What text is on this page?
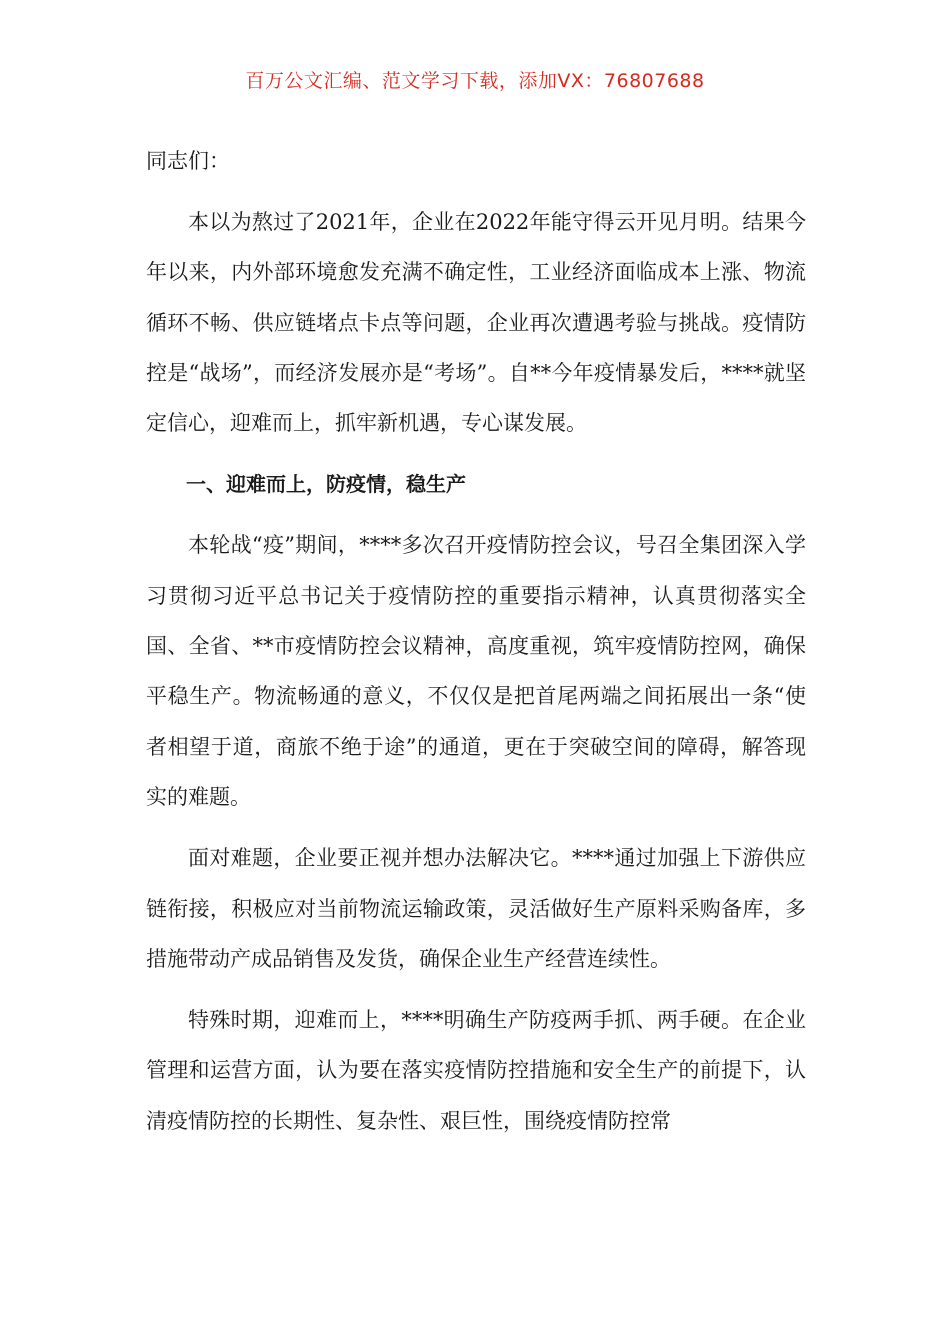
百万公文汇编、范文学习下载，添加VX：76807688

同志们：

本以为熬过了2021年，企业在2022年能守得云开见月明。结果今年以来，内外部环境愈发充满不确定性，工业经济面临成本上涨、物流循环不畅、供应链堵点卡点等问题，企业再次遭遇考验与挑战。疫情防控是“战场”，而经济发展亦是“考场”。自**今年疫情暴发后，****就坚定信心，迎难而上，抓牢新机遇，专心谋发展。

一、迎难而上，防疫情，稳生产

本轮战“疫”期间，****多次召开疫情防控会议，号召全集团深入学习贯彻习近平总书记关于疫情防控的重要指示精神，认真贯彻落实全国、全省、**市疫情防控会议精神，高度重视，筑牢疫情防控网，确保平稳生产。物流畅通的意义，不仅仅是把首尾两端之间拓展出一条“使者相望于道，商旅不绝于途”的通道，更在于突破空间的障碍，解答现实的难题。

面对难题，企业要正视并想办法解决它。****通过加强上下游供应链衔接，积极应对当前物流运输政策，灵活做好生产原料采购备库，多措施带动产成品销售及发货，确保企业生产经营连续性。

特殊时期，迎难而上，****明确生产防疫两手抓、两手硬。在企业管理和运营方面，认为要在落实疫情防控措施和安全生产的前提下，认清疫情防控的长期性、复杂性、艰巨性，围绕疫情防控常
